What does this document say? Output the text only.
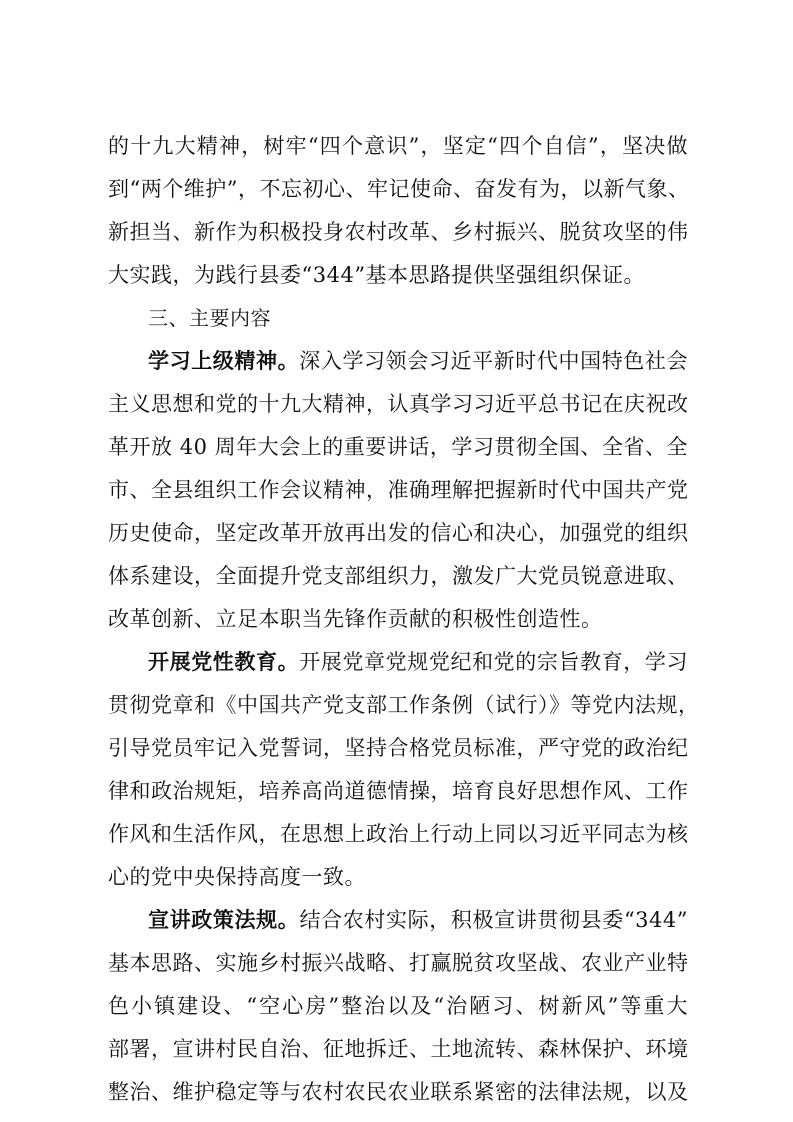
的十九大精神，树牢“四个意识”，坚定“四个自信”，坚决做
到“两个维护”，不忘初心、牢记使命、奋发有为，以新气象、
新担当、新作为积极投身农村改革、乡村振兴、脱贫攻坚的伟
大实践，为践行县委“344”基本思路提供坚强组织保证。
三、主要内容
学习上级精神。深入学习领会习近平新时代中国特色社会
主义思想和党的十九大精神，认真学习习近平总书记在庆祝改
革开放 40 周年大会上的重要讲话，学习贯彻全国、全省、全
市、全县组织工作会议精神，准确理解把握新时代中国共产党
历史使命，坚定改革开放再出发的信心和决心，加强党的组织
体系建设，全面提升党支部组织力，激发广大党员锐意进取、
改革创新、立足本职当先锋作贡献的积极性创造性。
开展党性教育。开展党章党规党纪和党的宗旨教育，学习
贯彻党章和《中国共产党支部工作条例（试行）》等党内法规，
引导党员牢记入党誓词，坚持合格党员标准，严守党的政治纪
律和政治规矩，培养高尚道德情操，培育良好思想作风、工作
作风和生活作风，在思想上政治上行动上同以习近平同志为核
心的党中央保持高度一致。
宣讲政策法规。结合农村实际，积极宣讲贯彻县委“344”
基本思路、实施乡村振兴战略、打赢脱贫攻坚战、农业产业特
色小镇建设、“空心房”整治以及“治陋习、树新风”等重大
部署，宣讲村民自治、征地拆迁、土地流转、森林保护、环境
整治、维护稳定等与农村农民农业联系紧密的法律法规，以及
